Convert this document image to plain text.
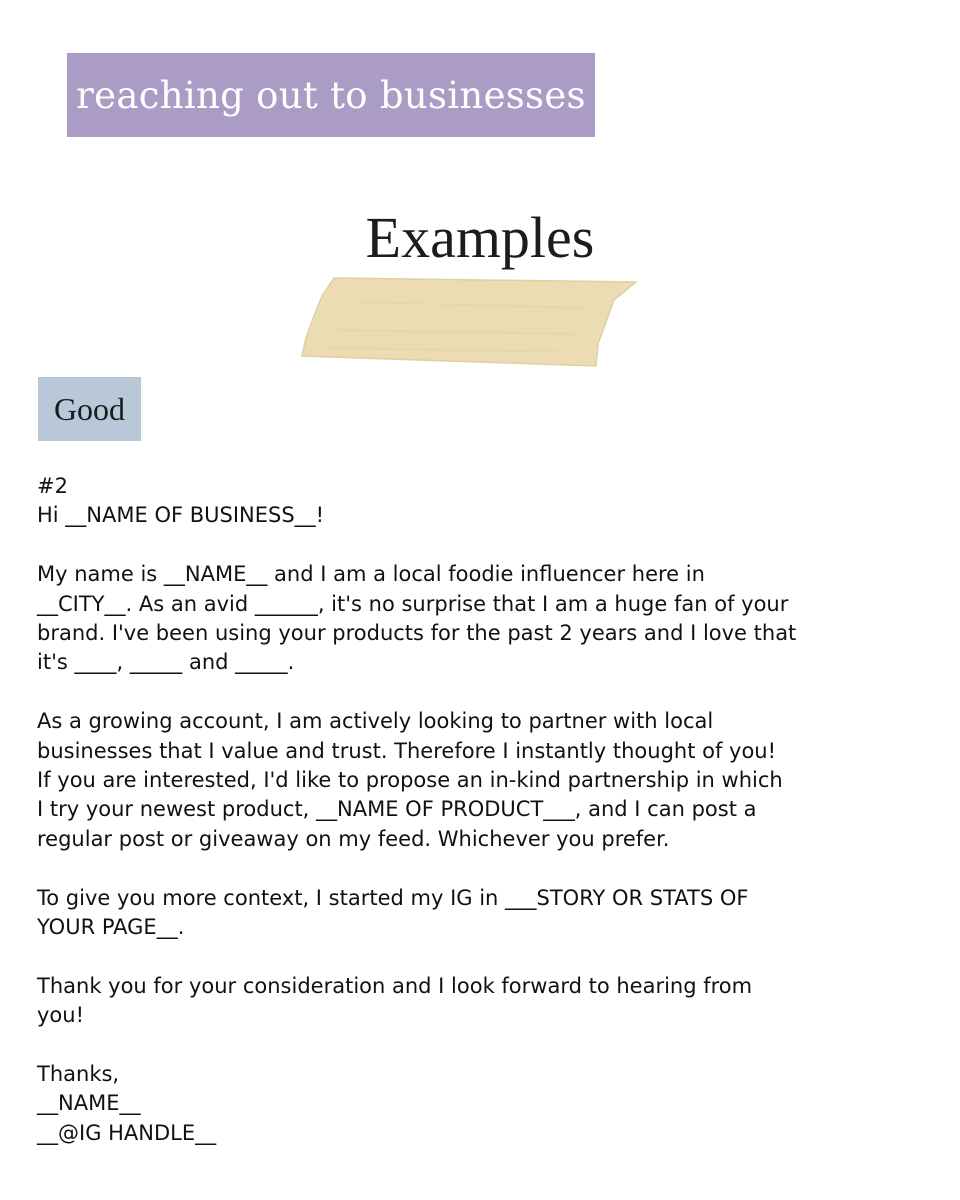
reaching out to businesses
Examples
Good

#2

Hi __NAME OF BUSINESS__!

My name is __NAME__ and I am a local foodie influencer here in

__CITY__. As an avid ______, it's no surprise that I am a huge fan of your

brand. I've been using your products for the past 2 years and I love that

it's ____, _____ and _____.

As a growing account, I am actively looking to partner with local

businesses that I value and trust. Therefore I instantly thought of you!

If you are interested, I'd like to propose an in-kind partnership in which

I try your newest product, __NAME OF PRODUCT___, and I can post a

regular post or giveaway on my feed. Whichever you prefer.

To give you more context, I started my IG in ___STORY OR STATS OF

YOUR PAGE__.

Thank you for your consideration and I look forward to hearing from

you!

Thanks,

__NAME__

__@IG HANDLE__
